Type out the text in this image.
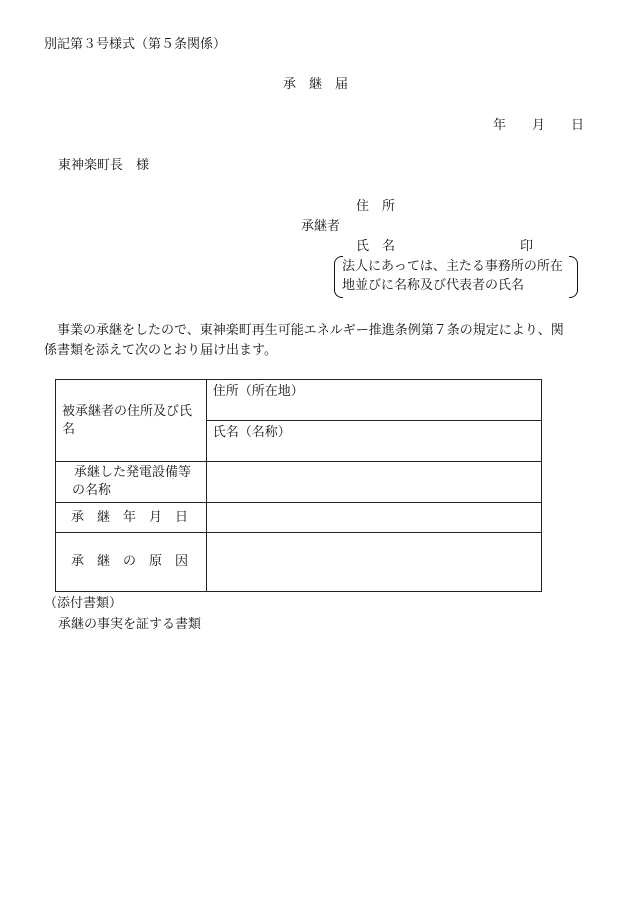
別記第３号様式（第５条関係）
承　継　届
年　　月　　日
東神楽町長　様
住　所
承継者
氏　名	印
法人にあっては、主たる事務所の所在
地並びに名称及び代表者の氏名
　事業の承継をしたので、東神楽町再生可能エネルギー推進条例第７条の規定により、関
係書類を添えて次のとおり届け出ます。
被承継者の住所及び氏
名	住所（所在地）
	氏名（名称）

承継した発電設備等
の名称	

承　継　年　月　日	
承　継　の　原　因	
（添付書類）
承継の事実を証する書類
